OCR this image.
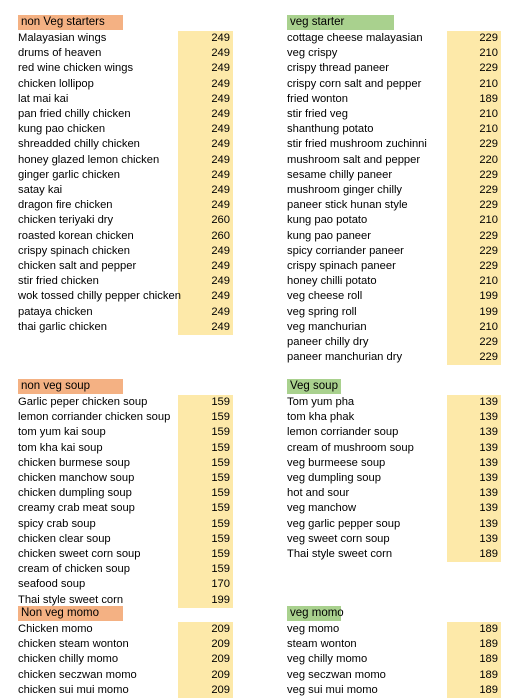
non Veg starters
Malayasian wings	249
drums of heaven	249
red wine chicken wings	249
chicken lollipop	249
lat mai kai	249
pan fried chilly chicken	249
kung pao chicken	249
shreadded chilly chicken	249
honey glazed lemon chicken	249
ginger garlic chicken	249
satay kai	249
dragon fire chicken	249
chicken teriyaki dry	260
roasted korean chicken	260
crispy spinach chicken	249
chicken salt and pepper	249
stir fried chicken	249
wok tossed chilly pepper chicken	249
pataya chicken	249
thai garlic chicken	249
veg starter
cottage cheese malayasian	229
veg crispy	210
crispy thread paneer	229
crispy corn salt and pepper	210
fried wonton	189
stir fried veg	210
shanthung potato	210
stir fried mushroom zuchinni	229
mushroom salt and pepper	220
sesame chilly paneer	229
mushroom ginger chilly	229
paneer stick hunan style	229
kung pao potato	210
kung pao paneer	229
spicy corriander paneer	229
crispy spinach paneer	229
honey chilli potato	210
veg cheese roll	199
veg spring roll	199
veg manchurian	210
paneer chilly dry	229
paneer manchurian dry	229
non veg soup
Garlic peper chicken soup	159
lemon corriander chicken soup	159
tom yum kai soup	159
tom kha kai soup	159
chicken burmese soup	159
chicken manchow soup	159
chicken dumpling soup	159
creamy crab meat soup	159
spicy crab soup	159
chicken clear soup	159
chicken sweet corn soup	159
cream of chicken soup	159
seafood soup	170
Thai style sweet corn	199
Veg soup
Tom yum pha	139
tom kha phak	139
lemon corriander soup	139
cream of mushroom soup	139
veg burmeese soup	139
veg dumpling soup	139
hot and sour	139
veg manchow	139
veg garlic pepper soup	139
veg sweet corn soup	139
Thai style sweet corn	189
Non veg momo
Chicken momo	209
chicken steam wonton	209
chicken chilly momo	209
chicken seczwan momo	209
chicken sui mui momo	209
veg momo
veg momo	189
steam wonton	189
veg chilly momo	189
veg seczwan momo	189
veg sui mui momo	189
